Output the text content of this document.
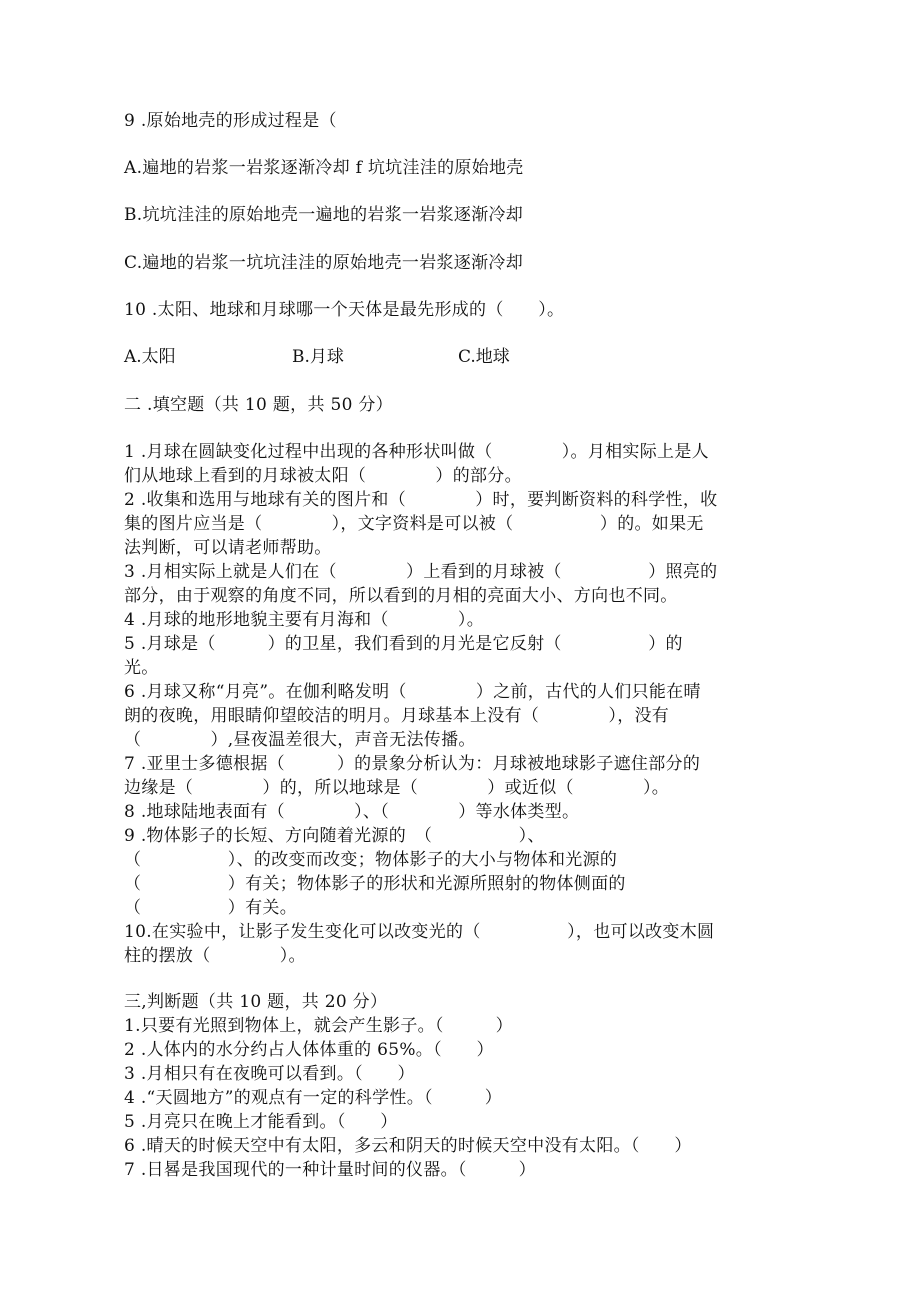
9 .原始地壳的形成过程是（
A.遍地的岩浆一岩浆逐渐冷却 f 坑坑洼洼的原始地壳
B.坑坑洼洼的原始地壳一遍地的岩浆一岩浆逐渐冷却
C.遍地的岩浆一坑坑洼洼的原始地壳一岩浆逐渐冷却
10 .太阳、地球和月球哪一个天体是最先形成的（　　）。
A.太阳	B.月球	C.地球
二 .填空题（共 10 题，共 50 分）
1 .月球在圆缺变化过程中出现的各种形状叫做（　　　　）。月相实际上是人
们从地球上看到的月球被太阳（　　　　）的部分。
2 .收集和选用与地球有关的图片和（　　　　）时，要判断资料的科学性，收
集的图片应当是（　　　　），文字资料是可以被（　　　　　）的。如果无
法判断，可以请老师帮助。
3 .月相实际上就是人们在（　　　　）上看到的月球被（　　　　　）照亮的
部分，由于观察的角度不同，所以看到的月相的亮面大小、方向也不同。
4 .月球的地形地貌主要有月海和（　　　　）。
5 .月球是（　　　）的卫星，我们看到的月光是它反射（　　　　　）的
光。
6 .月球又称“月亮”。在伽利略发明（　　　　）之前，古代的人们只能在晴
朗的夜晚，用眼睛仰望皎洁的明月。月球基本上没有（　　　　），没有
（　　　　）,昼夜温差很大，声音无法传播。
7 .亚里士多德根据（　　　）的景象分析认为：月球被地球影子遮住部分的
边缘是（　　　　）的，所以地球是（　　　　）或近似（　　　　）。
8 .地球陆地表面有（　　　　）、（　　　　）等水体类型。
9 .物体影子的长短、方向随着光源的　（　　　　　）、
（　　　　　）、的改变而改变；物体影子的大小与物体和光源的
（　　　　　）有关；物体影子的形状和光源所照射的物体侧面的
（　　　　　）有关。
10.在实验中，让影子发生变化可以改变光的（　　　　　），也可以改变木圆
柱的摆放（　　　　）。
三,判断题（共 10 题，共 20 分）
1.只要有光照到物体上，就会产生影子。（　　　）
2 .人体内的水分约占人体体重的 65%。（　　）
3 .月相只有在夜晚可以看到。（　　）
4 .“天圆地方”的观点有一定的科学性。（　　　）
5 .月亮只在晚上才能看到。（　　）
6 .晴天的时候天空中有太阳，多云和阴天的时候天空中没有太阳。（　　）
7 .日晷是我国现代的一种计量时间的仪器。（　　　）
